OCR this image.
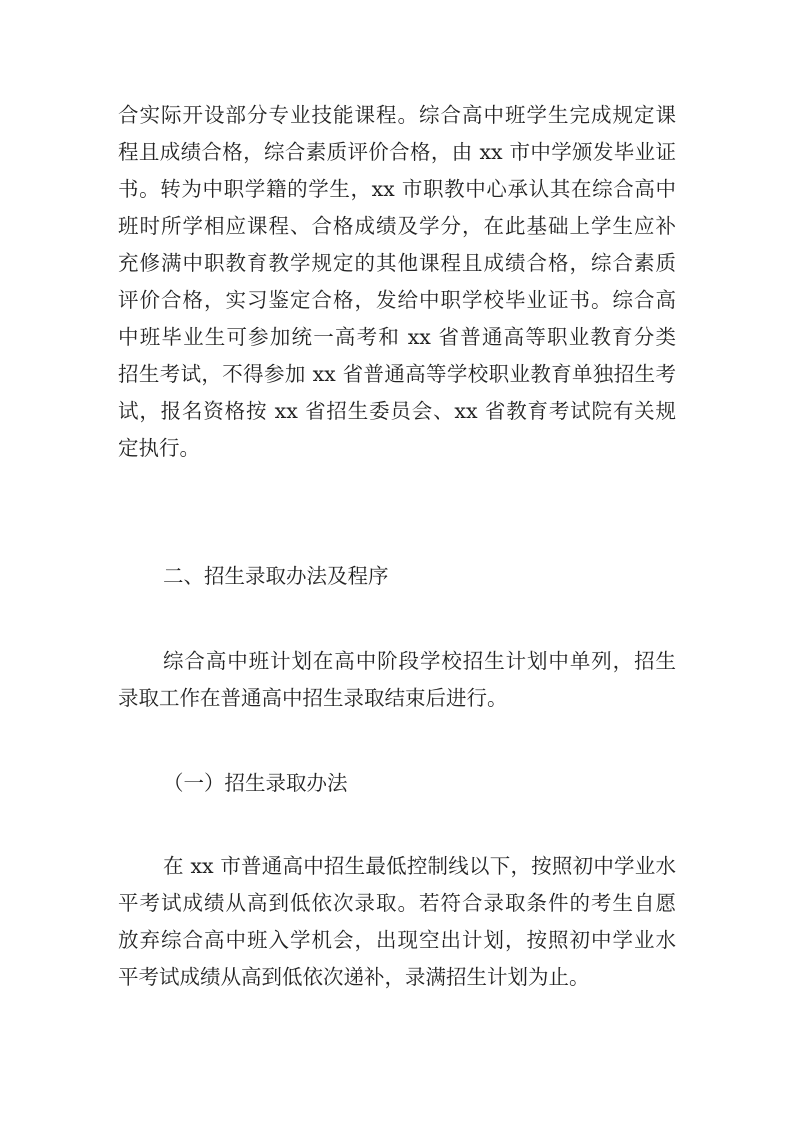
合实际开设部分专业技能课程。综合高中班学生完成规定课
程且成绩合格，综合素质评价合格，由 xx 市中学颁发毕业证
书。转为中职学籍的学生，xx 市职教中心承认其在综合高中
班时所学相应课程、合格成绩及学分，在此基础上学生应补
充修满中职教育教学规定的其他课程且成绩合格，综合素质
评价合格，实习鉴定合格，发给中职学校毕业证书。综合高
中班毕业生可参加统一高考和 xx 省普通高等职业教育分类
招生考试，不得参加 xx 省普通高等学校职业教育单独招生考
试，报名资格按 xx 省招生委员会、xx 省教育考试院有关规
定执行。
二、招生录取办法及程序
综合高中班计划在高中阶段学校招生计划中单列，招生
录取工作在普通高中招生录取结束后进行。
（一）招生录取办法
在 xx 市普通高中招生最低控制线以下，按照初中学业水
平考试成绩从高到低依次录取。若符合录取条件的考生自愿
放弃综合高中班入学机会，出现空出计划，按照初中学业水
平考试成绩从高到低依次递补，录满招生计划为止。
